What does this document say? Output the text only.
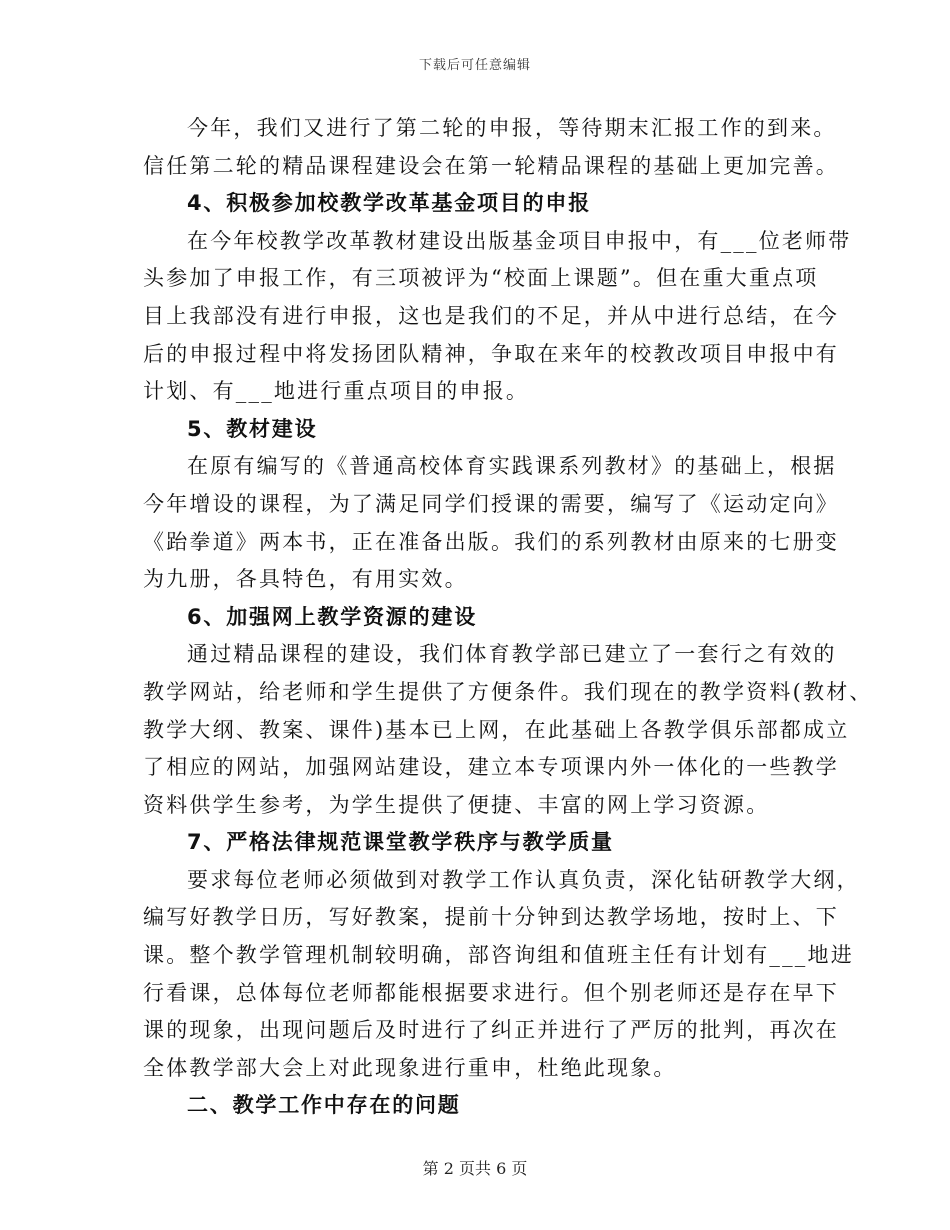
下载后可任意编辑
今年，我们又进行了第二轮的申报，等待期末汇报工作的到来。
信任第二轮的精品课程建设会在第一轮精品课程的基础上更加完善。
4、积极参加校教学改革基金项目的申报
在今年校教学改革教材建设出版基金项目申报中，有___位老师带
头参加了申报工作，有三项被评为“校面上课题”。但在重大重点项
目上我部没有进行申报，这也是我们的不足，并从中进行总结，在今
后的申报过程中将发扬团队精神，争取在来年的校教改项目申报中有
计划、有___地进行重点项目的申报。
5、教材建设
在原有编写的《普通高校体育实践课系列教材》的基础上，根据
今年增设的课程，为了满足同学们授课的需要，编写了《运动定向》
《跆拳道》两本书，正在准备出版。我们的系列教材由原来的七册变
为九册，各具特色，有用实效。
6、加强网上教学资源的建设
通过精品课程的建设，我们体育教学部已建立了一套行之有效的
教学网站，给老师和学生提供了方便条件。我们现在的教学资料(教材、
教学大纲、教案、课件)基本已上网，在此基础上各教学俱乐部都成立
了相应的网站，加强网站建设，建立本专项课内外一体化的一些教学
资料供学生参考，为学生提供了便捷、丰富的网上学习资源。
7、严格法律规范课堂教学秩序与教学质量
要求每位老师必须做到对教学工作认真负责，深化钻研教学大纲，
编写好教学日历，写好教案，提前十分钟到达教学场地，按时上、下
课。整个教学管理机制较明确，部咨询组和值班主任有计划有___地进
行看课，总体每位老师都能根据要求进行。但个别老师还是存在早下
课的现象，出现问题后及时进行了纠正并进行了严厉的批判，再次在
全体教学部大会上对此现象进行重申，杜绝此现象。
二、教学工作中存在的问题
第 2 页共 6 页
